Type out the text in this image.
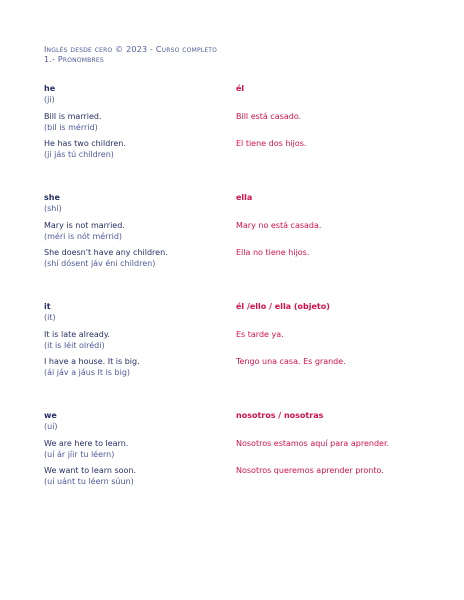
Inglés desde cero © 2023 - Curso completo
1.- Pronombres
he
(ji)
él
Bill is married.
(bil is mérrid)
Bill está casado.
He has two children.
(ji jás tú children)
El tiene dos hijos.
she
(shi)
ella
Mary is not married.
(méri is nót mérrid)
Mary no está casada.
She doesn't have any children.
(shí dósent jáv éni children)
Ella no tiene hijos.
it
(it)
él /ello / ella (objeto)
It is late already.
(it is léit olrédi)
Es tarde ya.
I have a house. It is big.
(ái jáv a jáus It is big)
Tengo una casa. Es grande.
we
(uí)
nosotros / nosotras
We are here to learn.
(uí ár jíir tu léern)
Nosotros estamos aquí para aprender.
We want to learn soon.
(uí uánt tu léern súun)
Nosotros queremos aprender pronto.
